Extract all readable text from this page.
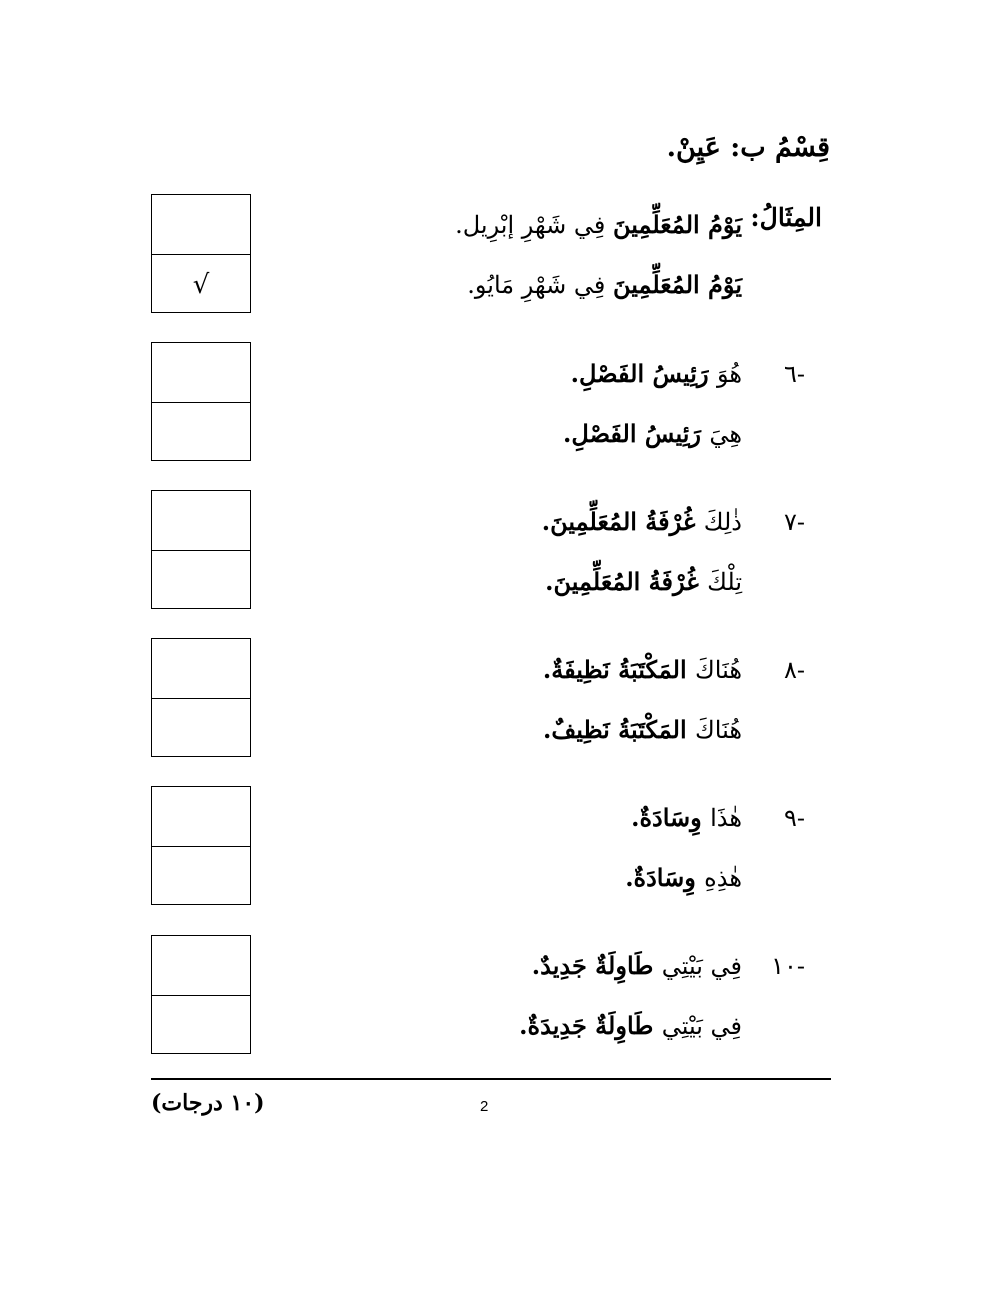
قِسْمُ ب: عَيِنْ.
المِثَالُ:
يَوْمُ المُعَلِّمِينَ فِي شَهْرِ إبْرِيل.
يَوْمُ المُعَلِّمِينَ فِي شَهْرِ مَايُو.
√
٦-
هُوَ رَئِيسُ الفَصْلِ.
هِيَ رَئِيسُ الفَصْلِ.
٧-
ذٰلِكَ غُرْفَةُ المُعَلِّمِينَ.
تِلْكَ غُرْفَةُ المُعَلِّمِينَ.
٨-
هُنَاكَ المَكْتَبَةُ نَظِيفَةٌ.
هُنَاكَ المَكْتَبَةُ نَظِيفٌ.
٩-
هٰذَا وِسَادَةٌ.
هٰذِهِ وِسَادَةٌ.
١٠-
فِي بَيْتِي طَاوِلَةٌ جَدِيدٌ.
فِي بَيْتِي طَاوِلَةٌ جَدِيدَةٌ.
(١٠ درجات)	2
